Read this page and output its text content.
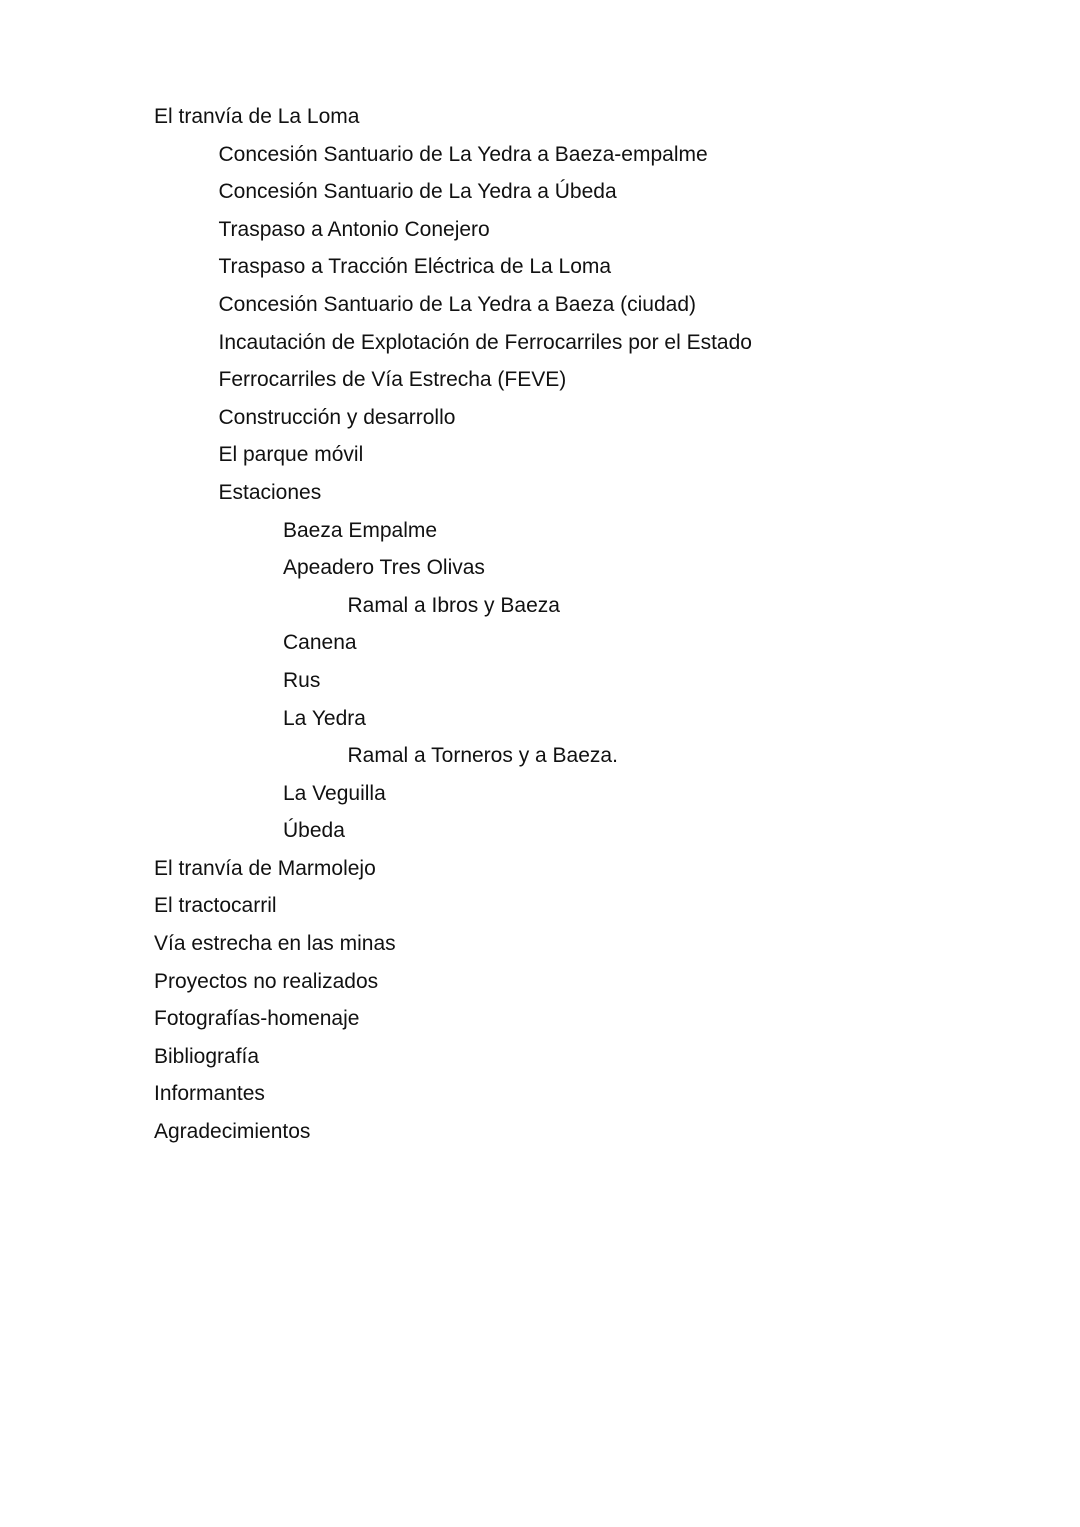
El tranvía de La Loma
Concesión Santuario de La Yedra a Baeza-empalme
Concesión Santuario de La Yedra a Úbeda
Traspaso a Antonio Conejero
Traspaso a Tracción Eléctrica de La Loma
Concesión Santuario de La Yedra a Baeza (ciudad)
Incautación de Explotación de Ferrocarriles por el Estado
Ferrocarriles de Vía Estrecha (FEVE)
Construcción y desarrollo
El parque móvil
Estaciones
Baeza Empalme
Apeadero Tres Olivas
Ramal a Ibros y Baeza
Canena
Rus
La Yedra
Ramal a Torneros y a Baeza.
La Veguilla
Úbeda
El tranvía de Marmolejo
El tractocarril
Vía estrecha en las minas
Proyectos no realizados
Fotografías-homenaje
Bibliografía
Informantes
Agradecimientos
